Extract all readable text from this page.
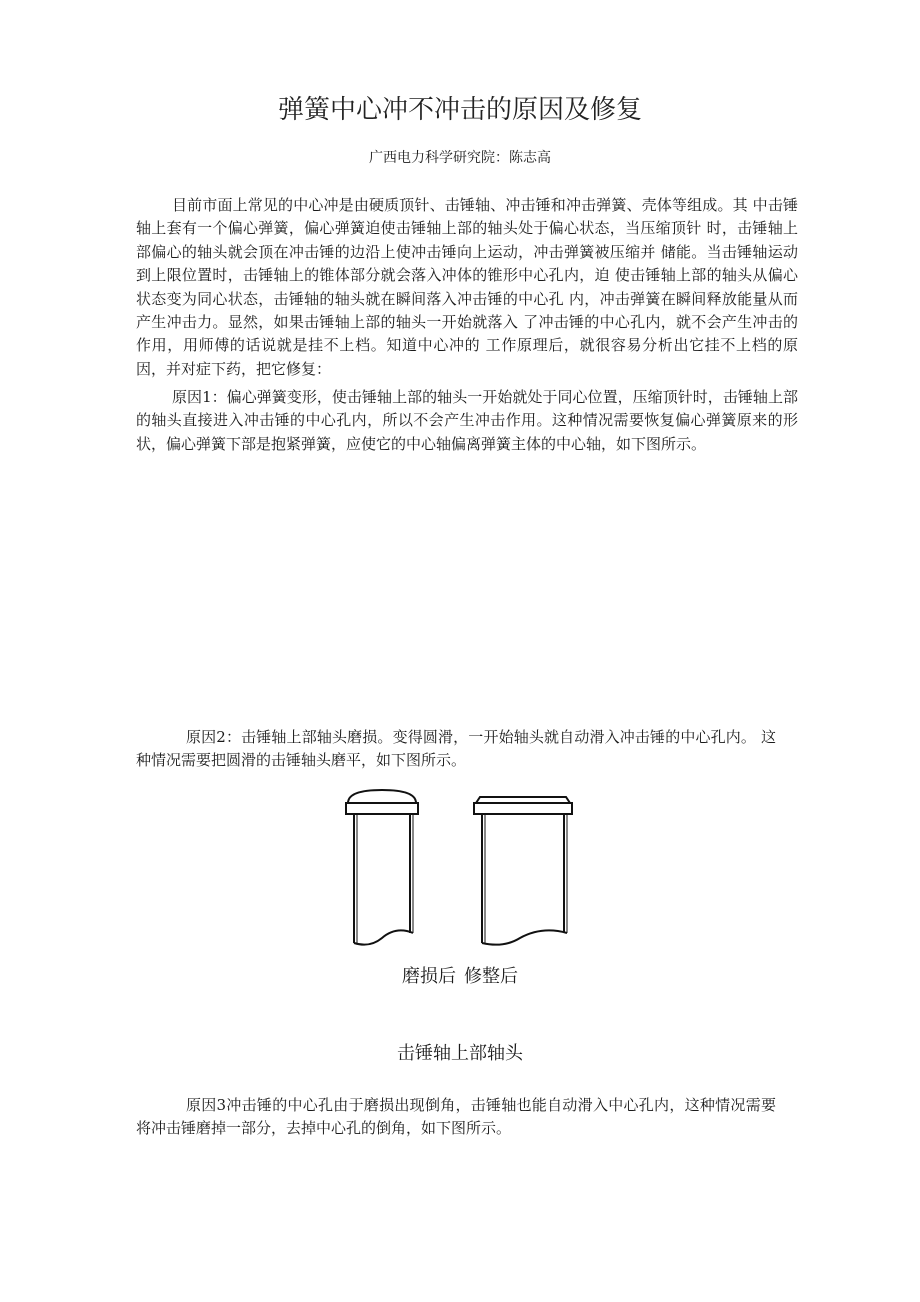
弹簧中心冲不冲击的原因及修复
广西电力科学研究院：陈志高

目前市面上常见的中心冲是由硬质顶针、击锤轴、冲击锤和冲击弹簧、壳体等组成。其 中击锤轴上套有一个偏心弹簧，偏心弹簧迫使击锤轴上部的轴头处于偏心状态，当压缩顶针 时，击锤轴上部偏心的轴头就会顶在冲击锤的边沿上使冲击锤向上运动，冲击弹簧被压缩并 储能。当击锤轴运动到上限位置时，击锤轴上的锥体部分就会落入冲体的锥形中心孔内，迫 使击锤轴上部的轴头从偏心状态变为同心状态，击锤轴的轴头就在瞬间落入冲击锤的中心孔 内，冲击弹簧在瞬间释放能量从而产生冲击力。显然，如果击锤轴上部的轴头一开始就落入 了冲击锤的中心孔内，就不会产生冲击的作用，用师傅的话说就是挂不上档。知道中心冲的 工作原理后，就很容易分析出它挂不上档的原因，并对症下药，把它修复：

原因1：偏心弹簧变形，使击锤轴上部的轴头一开始就处于同心位置，压缩顶针时，击锤轴上部的轴头直接进入冲击锤的中心孔内，所以不会产生冲击作用。这种情况需要恢复偏心弹簧原来的形状，偏心弹簧下部是抱紧弹簧，应使它的中心轴偏离弹簧主体的中心轴，如下图所示。

原因2：击锤轴上部轴头磨损。变得圆滑，一开始轴头就自动滑入冲击锤的中心孔内。 这种情况需要把圆滑的击锤轴头磨平，如下图所示。

磨损后 修整后
击锤轴上部轴头

原因3冲击锤的中心孔由于磨损出现倒角，击锤轴也能自动滑入中心孔内，这种情况需要将冲击锤磨掉一部分，去掉中心孔的倒角，如下图所示。
